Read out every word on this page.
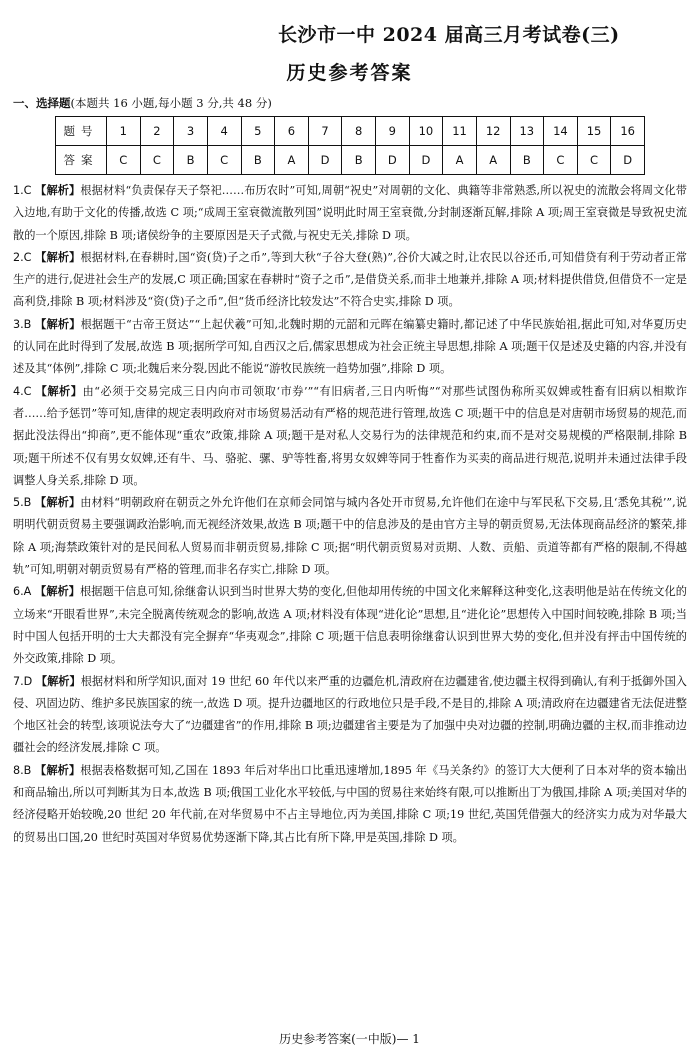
长沙市一中 2024 届高三月考试卷(三)
历史参考答案
一、选择题(本题共 16 小题,每小题 3 分,共 48 分)
题号	1	2	3	4	5	6	7	8	9	10	11	12	13	14	15	16
答案	C	C	B	C	B	A	D	B	D	D	A	A	B	C	C	D

1.C 【解析】根据材料“负责保存天子祭祀……布历农时”可知,周朝“祝史”对周朝的文化、典籍等非常熟悉,所以祝史的流散会将周文化带入边地,有助于文化的传播,故选 C 项;“成周王室衰微流散列国”说明此时周王室衰微,分封制逐渐瓦解,排除 A 项;周王室衰微是导致祝史流散的一个原因,排除 B 项;诸侯纷争的主要原因是天子式微,与祝史无关,排除 D 项。

2.C 【解析】根据材料,在春耕时,国“资(贷)子之币”,等到大秋“子谷大登(熟)”,谷价大减之时,让农民以谷还币,可知借贷有利于劳动者正常生产的进行,促进社会生产的发展,C 项正确;国家在春耕时“资子之币”,是借贷关系,而非土地兼并,排除 A 项;材料提供借贷,但借贷不一定是高利贷,排除 B 项;材料涉及“资(贷)子之币”,但“货币经济比较发达”不符合史实,排除 D 项。

3.B 【解析】根据题干“古帝王贤达”“上起伏羲”可知,北魏时期的元韶和元晖在编纂史籍时,都记述了中华民族始祖,据此可知,对华夏历史的认同在此时得到了发展,故选 B 项;据所学可知,自西汉之后,儒家思想成为社会正统主导思想,排除 A 项;题干仅是述及史籍的内容,并没有述及其“体例”,排除 C 项;北魏后来分裂,因此不能说“游牧民族统一趋势加强”,排除 D 项。

4.C 【解析】由“必须于交易完成三日内向市司领取‘市券’”“有旧病者,三日内听悔”“对那些试图伪称所买奴婢或牲畜有旧病以相欺诈者……给予惩罚”等可知,唐律的规定表明政府对市场贸易活动有严格的规范进行管理,故选 C 项;题干中的信息是对唐朝市场贸易的规范,而据此没法得出“抑商”,更不能体现“重农”政策,排除 A 项;题干是对私人交易行为的法律规范和约束,而不是对交易规模的严格限制,排除 B 项;题干所述不仅有男女奴婢,还有牛、马、骆驼、骡、驴等牲畜,将男女奴婢等同于牲畜作为买卖的商品进行规范,说明并未通过法律手段调整人身关系,排除 D 项。

5.B 【解析】由材料“明朝政府在朝贡之外允许他们在京师会同馆与城内各处开市贸易,允许他们在途中与军民私下交易,且‘悉免其税’”,说明明代朝贡贸易主要强调政治影响,而无视经济效果,故选 B 项;题干中的信息涉及的是由官方主导的朝贡贸易,无法体现商品经济的繁荣,排除 A 项;海禁政策针对的是民间私人贸易而非朝贡贸易,排除 C 项;据“明代朝贡贸易对贡期、人数、贡船、贡道等都有严格的限制,不得越轨”可知,明朝对朝贡贸易有严格的管理,而非名存实亡,排除 D 项。

6.A 【解析】根据题干信息可知,徐继畲认识到当时世界大势的变化,但他却用传统的中国文化来解释这种变化,这表明他是站在传统文化的立场来“开眼看世界”,未完全脱离传统观念的影响,故选 A 项;材料没有体现“进化论”思想,且“进化论”思想传入中国时间较晚,排除 B 项;当时中国人包括开明的士大夫都没有完全摒弃“华夷观念”,排除 C 项;题干信息表明徐继畲认识到世界大势的变化,但并没有抨击中国传统的外交政策,排除 D 项。

7.D 【解析】根据材料和所学知识,面对 19 世纪 60 年代以来严重的边疆危机,清政府在边疆建省,使边疆主权得到确认,有利于抵御外国入侵、巩固边防、维护多民族国家的统一,故选 D 项。提升边疆地区的行政地位只是手段,不是目的,排除 A 项;清政府在边疆建省无法促进整个地区社会的转型,该项说法夸大了“边疆建省”的作用,排除 B 项;边疆建省主要是为了加强中央对边疆的控制,明确边疆的主权,而非推动边疆社会的经济发展,排除 C 项。

8.B 【解析】根据表格数据可知,乙国在 1893 年后对华出口比重迅速增加,1895 年《马关条约》的签订大大便利了日本对华的资本输出和商品输出,所以可判断其为日本,故选 B 项;俄国工业化水平较低,与中国的贸易往来始终有限,可以推断出丁为俄国,排除 A 项;美国对华的经济侵略开始较晚,20 世纪 20 年代前,在对华贸易中不占主导地位,丙为美国,排除 C 项;19 世纪,英国凭借强大的经济实力成为对华最大的贸易出口国,20 世纪时英国对华贸易优势逐渐下降,其占比有所下降,甲是英国,排除 D 项。

历史参考答案(一中版)— 1
